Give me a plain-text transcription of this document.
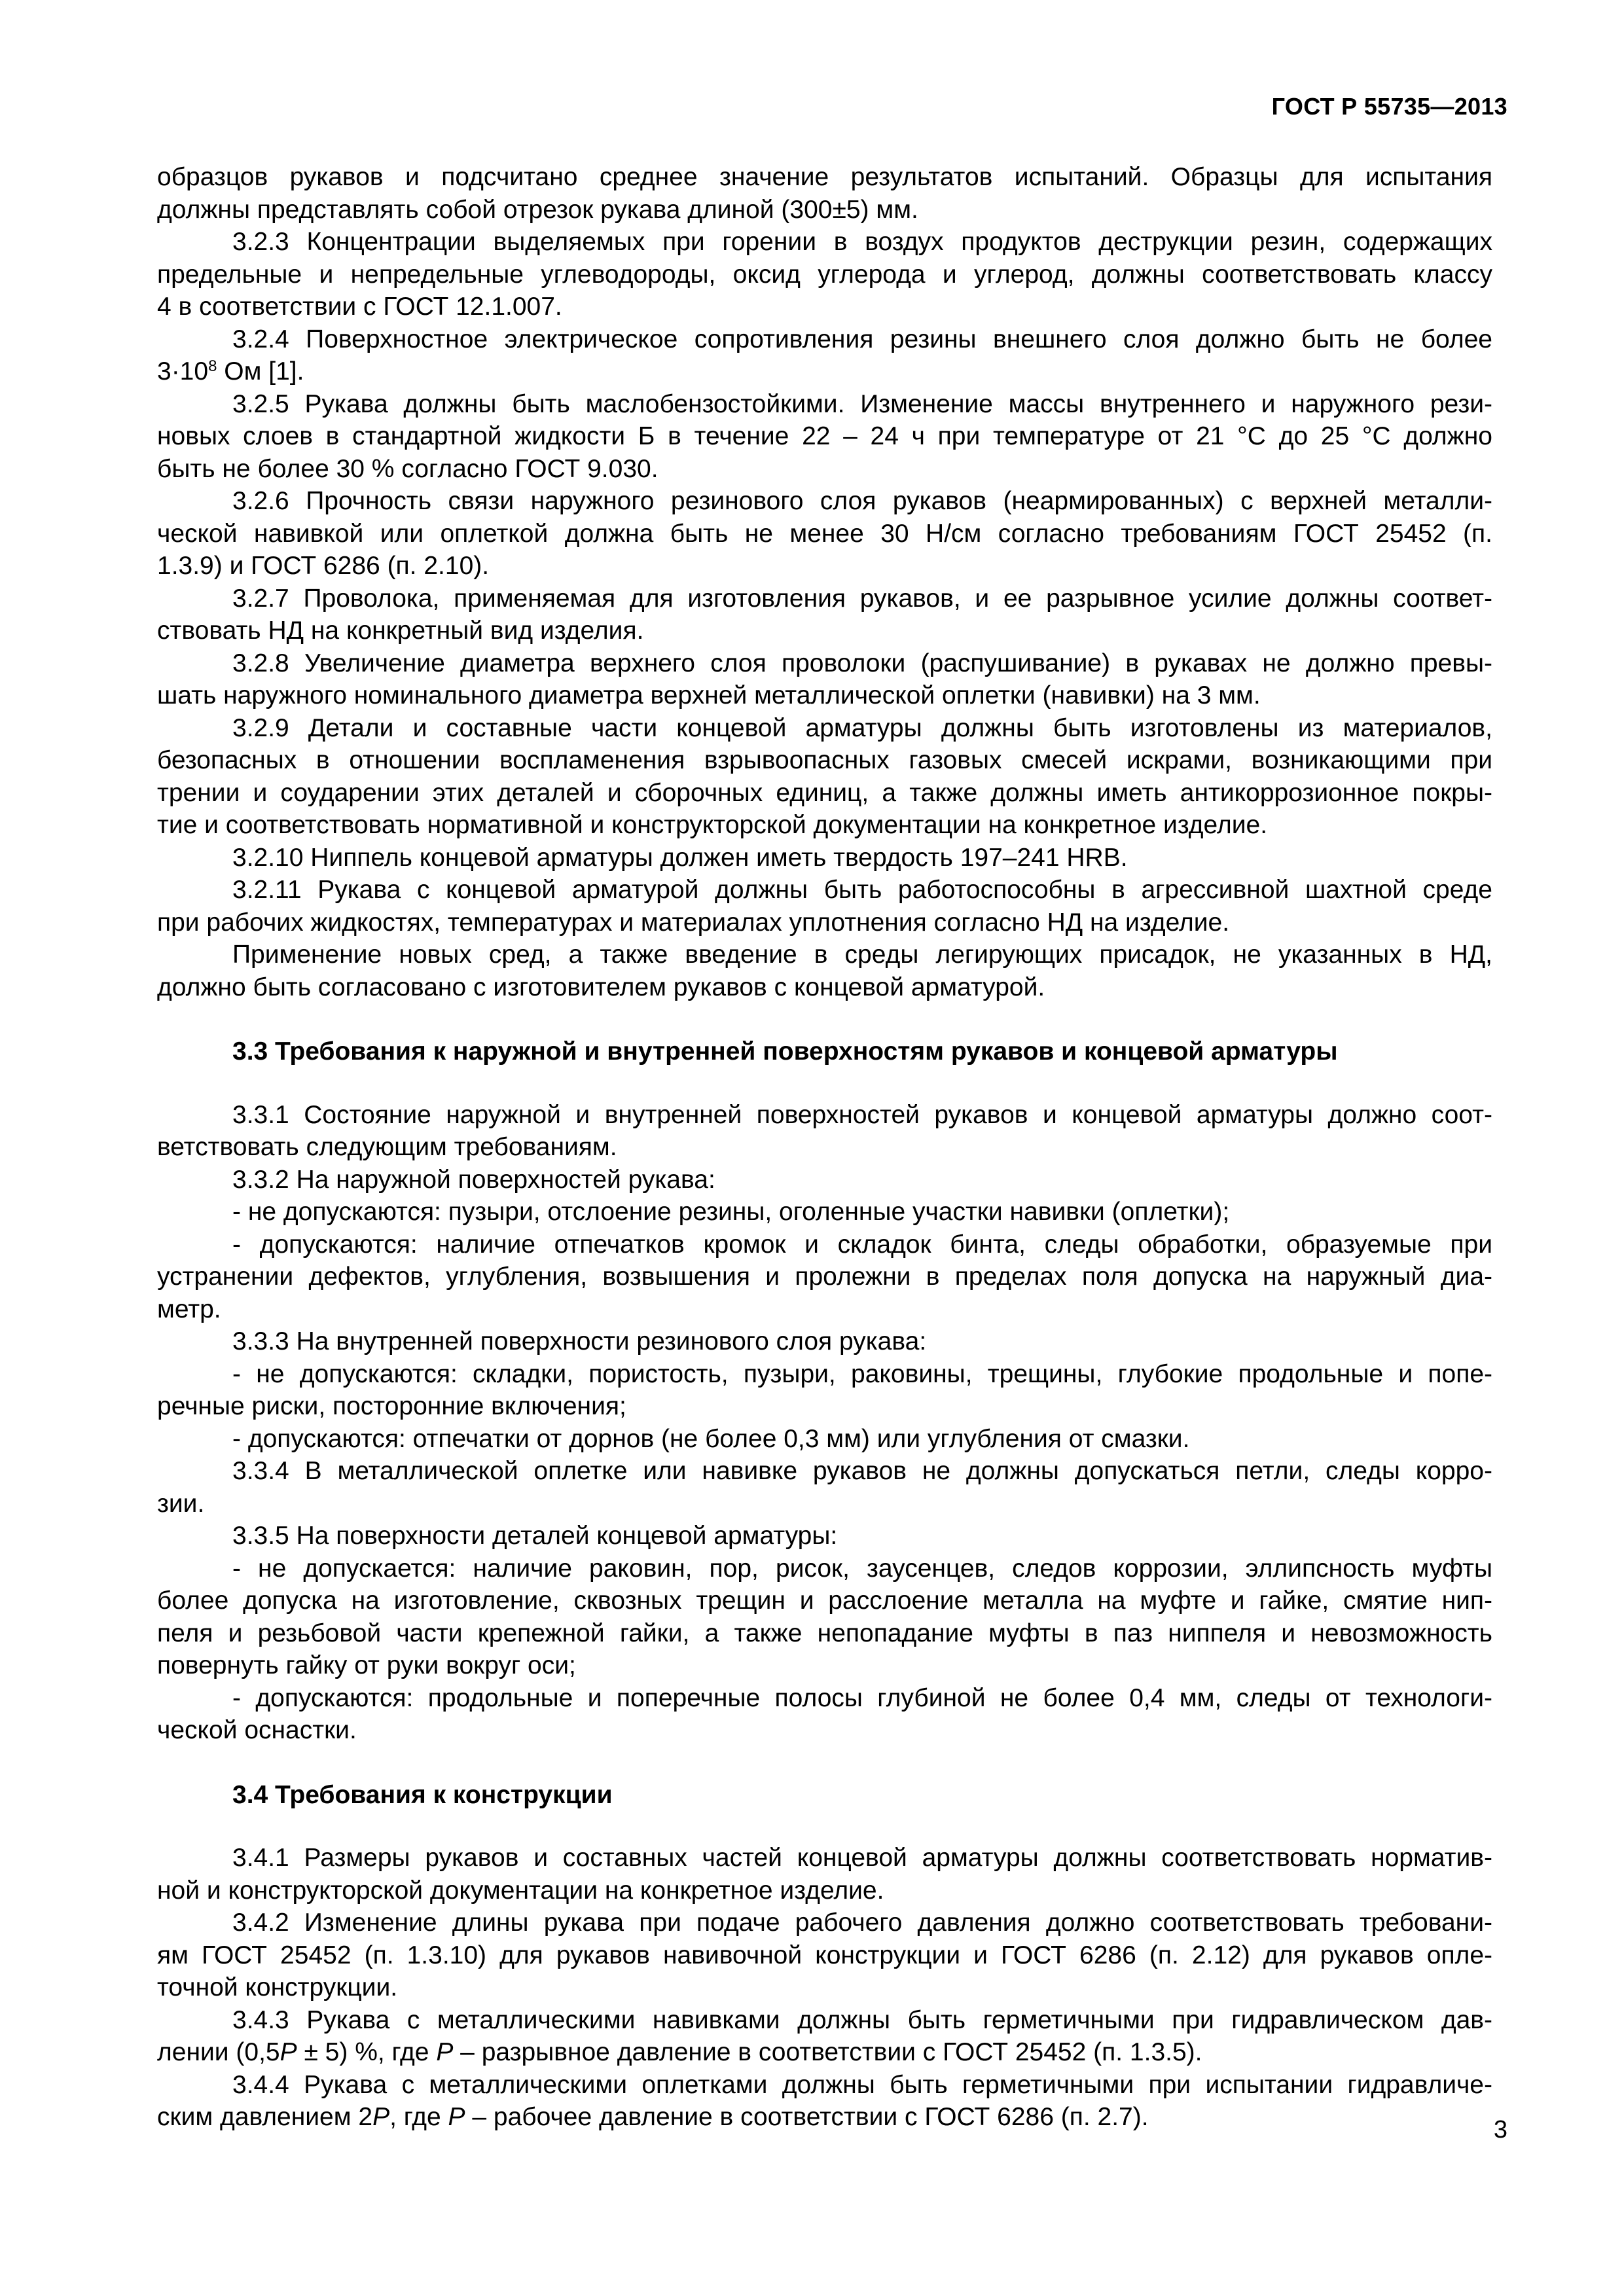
ГОСТ Р 55735—2013
образцов рукавов и подсчитано среднее значение результатов испытаний. Образцы для испытания
должны представлять собой отрезок рукава длиной (300±5) мм.
3.2.3 Концентрации выделяемых при горении в воздух продуктов деструкции резин, содержащих
предельные и непредельные углеводороды, оксид углерода и углерод, должны соответствовать классу
4 в соответствии с ГОСТ 12.1.007.
3.2.4 Поверхностное электрическое сопротивления резины внешнего слоя должно быть не более
$3\cdot 10^8$ Ом [1].
3.2.5 Рукава должны быть маслобензостойкими. Изменение массы внутреннего и наружного рези-
новых слоев в стандартной жидкости Б в течение 22 – 24 ч при температуре от 21 °С до 25 °С должно
быть не более 30 % согласно ГОСТ 9.030.
3.2.6 Прочность связи наружного резинового слоя рукавов (неармированных) с верхней металли-
ческой навивкой или оплеткой должна быть не менее 30 Н/см согласно требованиям ГОСТ 25452 (п.
1.3.9) и ГОСТ 6286 (п. 2.10).
3.2.7 Проволока, применяемая для изготовления рукавов, и ее разрывное усилие должны соответ-
ствовать НД на конкретный вид изделия.
3.2.8 Увеличение диаметра верхнего слоя проволоки (распушивание) в рукавах не должно превы-
шать наружного номинального диаметра верхней металлической оплетки (навивки) на 3 мм.
3.2.9 Детали и составные части концевой арматуры должны быть изготовлены из материалов,
безопасных в отношении воспламенения взрывоопасных газовых смесей искрами, возникающими при
трении и соударении этих деталей и сборочных единиц, а также должны иметь антикоррозионное покры-
тие и соответствовать нормативной и конструкторской документации на конкретное изделие.
3.2.10 Ниппель концевой арматуры должен иметь твердость 197–241 HRB.
3.2.11 Рукава с концевой арматурой должны быть работоспособны в агрессивной шахтной среде
при рабочих жидкостях, температурах и материалах уплотнения согласно НД на изделие.
Применение новых сред, а также введение в среды легирующих присадок, не указанных в НД,
должно быть согласовано с изготовителем рукавов с концевой арматурой.
3.3 Требования к наружной и внутренней поверхностям рукавов и концевой арматуры
3.3.1 Состояние наружной и внутренней поверхностей рукавов и концевой арматуры должно соот-
ветствовать следующим требованиям.
3.3.2 На наружной поверхностей рукава:
- не допускаются: пузыри, отслоение резины, оголенные участки навивки (оплетки);
- допускаются: наличие отпечатков кромок и складок бинта, следы обработки, образуемые при
устранении дефектов, углубления, возвышения и пролежни в пределах поля допуска на наружный диа-
метр.
3.3.3 На внутренней поверхности резинового слоя рукава:
- не допускаются: складки, пористость, пузыри, раковины, трещины, глубокие продольные и попе-
речные риски, посторонние включения;
- допускаются: отпечатки от дорнов (не более 0,3 мм) или углубления от смазки.
3.3.4 В металлической оплетке или навивке рукавов не должны допускаться петли, следы корро-
зии.
3.3.5 На поверхности деталей концевой арматуры:
- не допускается: наличие раковин, пор, рисок, заусенцев, следов коррозии, эллипсность муфты
более допуска на изготовление, сквозных трещин и расслоение металла на муфте и гайке, смятие нип-
пеля и резьбовой части крепежной гайки, а также непопадание муфты в паз ниппеля и невозможность
повернуть гайку от руки вокруг оси;
- допускаются: продольные и поперечные полосы глубиной не более 0,4 мм, следы от технологи-
ческой оснастки.
3.4 Требования к конструкции
3.4.1 Размеры рукавов и составных частей концевой арматуры должны соответствовать норматив-
ной и конструкторской документации на конкретное изделие.
3.4.2 Изменение длины рукава при подаче рабочего давления должно соответствовать требовани-
ям ГОСТ 25452 (п. 1.3.10) для рукавов навивочной конструкции и ГОСТ 6286 (п. 2.12) для рукавов опле-
точной конструкции.
3.4.3 Рукава с металлическими навивками должны быть герметичными при гидравлическом дав-
лении (0,5P ± 5) %, где P – разрывное давление в соответствии с ГОСТ 25452 (п. 1.3.5).
3.4.4 Рукава с металлическими оплетками должны быть герметичными при испытании гидравличе-
ским давлением 2P, где P – рабочее давление в соответствии с ГОСТ 6286 (п. 2.7).	3
